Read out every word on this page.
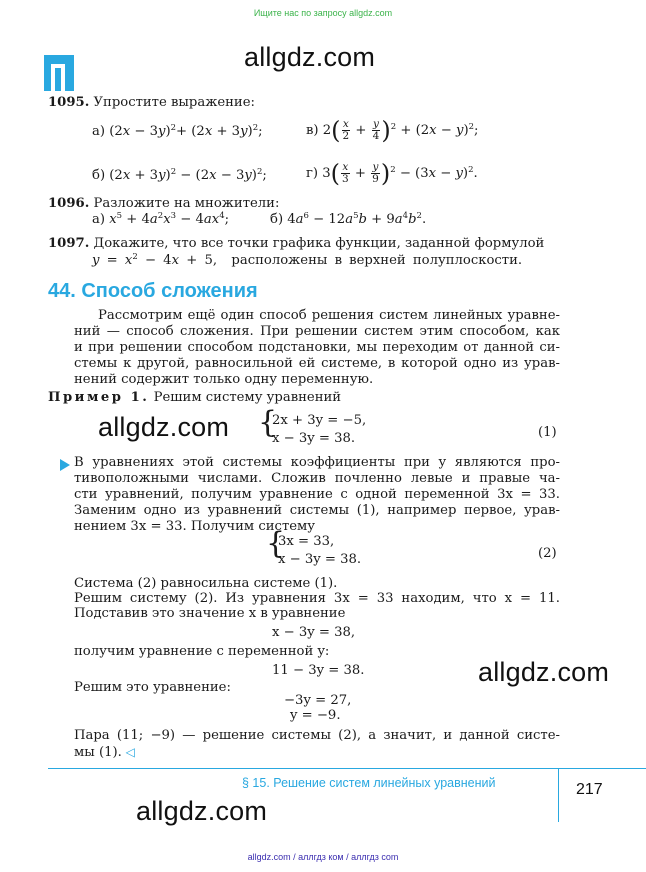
Ищите нас по запросу allgdz.com
allgdz.com
1095. Упростите выражение:
а) $(2x - 3y)^2+ (2x + 3y)^2$;	в) $2( \frac{x}{2} + \frac{y}{4} )^2 + (2x - y)^2$;
б) $(2x + 3y)^2 - (2x - 3y)^2$;	г) $3( \frac{x}{3} + \frac{y}{9} )^2 - (3x - y)^2$.
1096. Разложите на множители:
а) $x^5 + 4a^2x^3 - 4ax^4$;	б) $4a^6 - 12a^5b + 9a^4b^2$.
1097. Докажите, что все точки графика функции, заданной формулой
$y = x^2 - 4x + 5$,  расположены в верхней полуплоскости.
44. Способ сложения
Рассмотрим ещё один способ решения систем линейных уравне-
ний — способ сложения. При решении систем этим способом, как
и при решении способом подстановки, мы переходим от данной си-
стемы к другой, равносильной ей системе, в которой одно из урав-
нений содержит только одну переменную.
Пример 1. Решим систему уравнений
allgdz.com {
2x + 3y = −5,
x − 3y = 38.	(1)
В уравнениях этой системы коэффициенты при y являются про-
тивоположными числами. Сложив почленно левые и правые ча-
сти уравнений, получим уравнение с одной переменной 3x = 33.
Заменим одно из уравнений системы (1), например первое, урав-
нением 3x = 33. Получим систему
{
3x = 33,
x − 3y = 38.	(2)
Система (2) равносильна системе (1).
Решим систему (2). Из уравнения 3x = 33 находим, что x = 11.
Подставив это значение x в уравнение
x − 3y = 38,
получим уравнение с переменной y:
allgdz.com
11 − 3y = 38.
Решим это уравнение:
−3y = 27,
y = −9.
Пара (11; −9) — решение системы (2), а значит, и данной систе-
мы (1). ◁
§ 15. Решение систем линейных уравнений	217
allgdz.com
allgdz.com / аллгдз ком / аллгдз com
